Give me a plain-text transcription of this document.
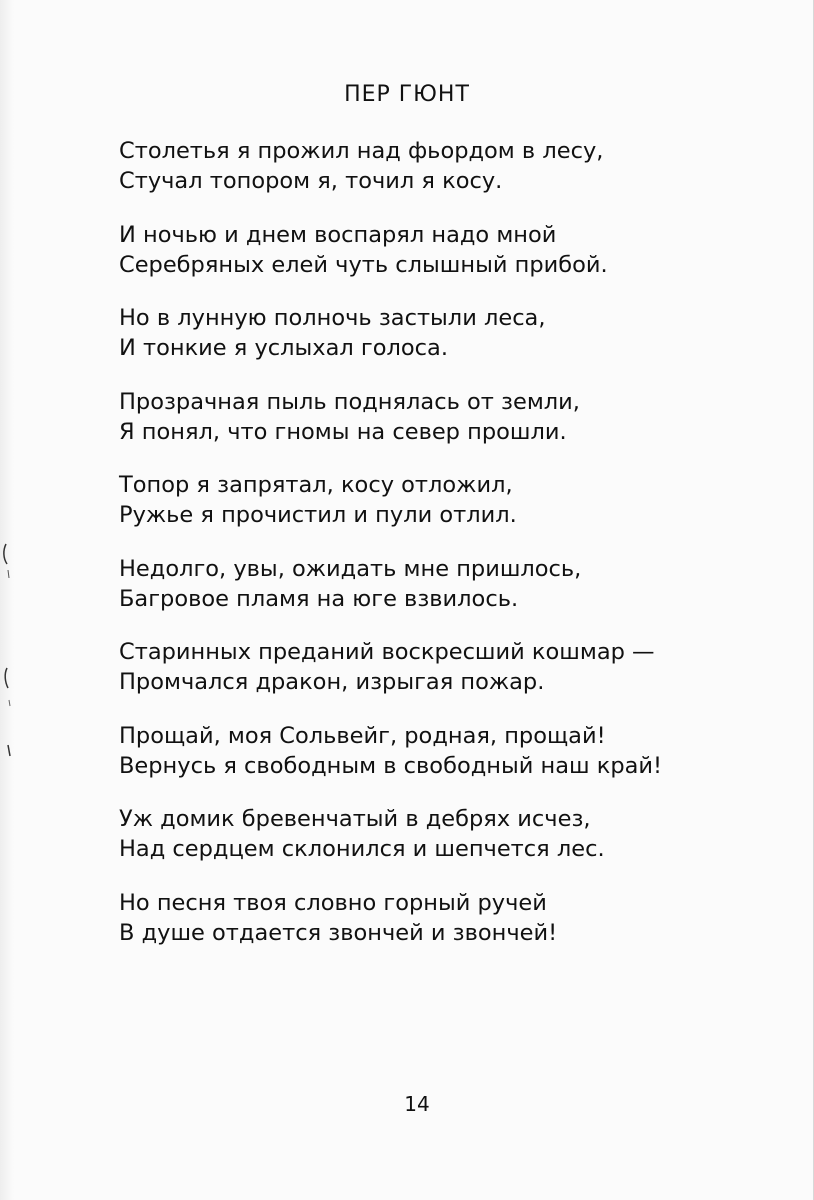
ПЕР ГЮНТ
Столетья я прожил над фьордом в лесу,
Стучал топором я, точил я косу.
И ночью и днем воспарял надо мной
Серебряных елей чуть слышный прибой.
Но в лунную полночь застыли леса,
И тонкие я услыхал голоса.
Прозрачная пыль поднялась от земли,
Я понял, что гномы на север прошли.
Топор я запрятал, косу отложил,
Ружье я прочистил и пули отлил.
Недолго, увы, ожидать мне пришлось,
Багровое пламя на юге взвилось.
Старинных преданий воскресший кошмар —
Промчался дракон, изрыгая пожар.
Прощай, моя Сольвейг, родная, прощай!
Вернусь я свободным в свободный наш край!
Уж домик бревенчатый в дебрях исчез,
Над сердцем склонился и шепчется лес.
Но песня твоя словно горный ручей
В душе отдается звончей и звончей!
14
